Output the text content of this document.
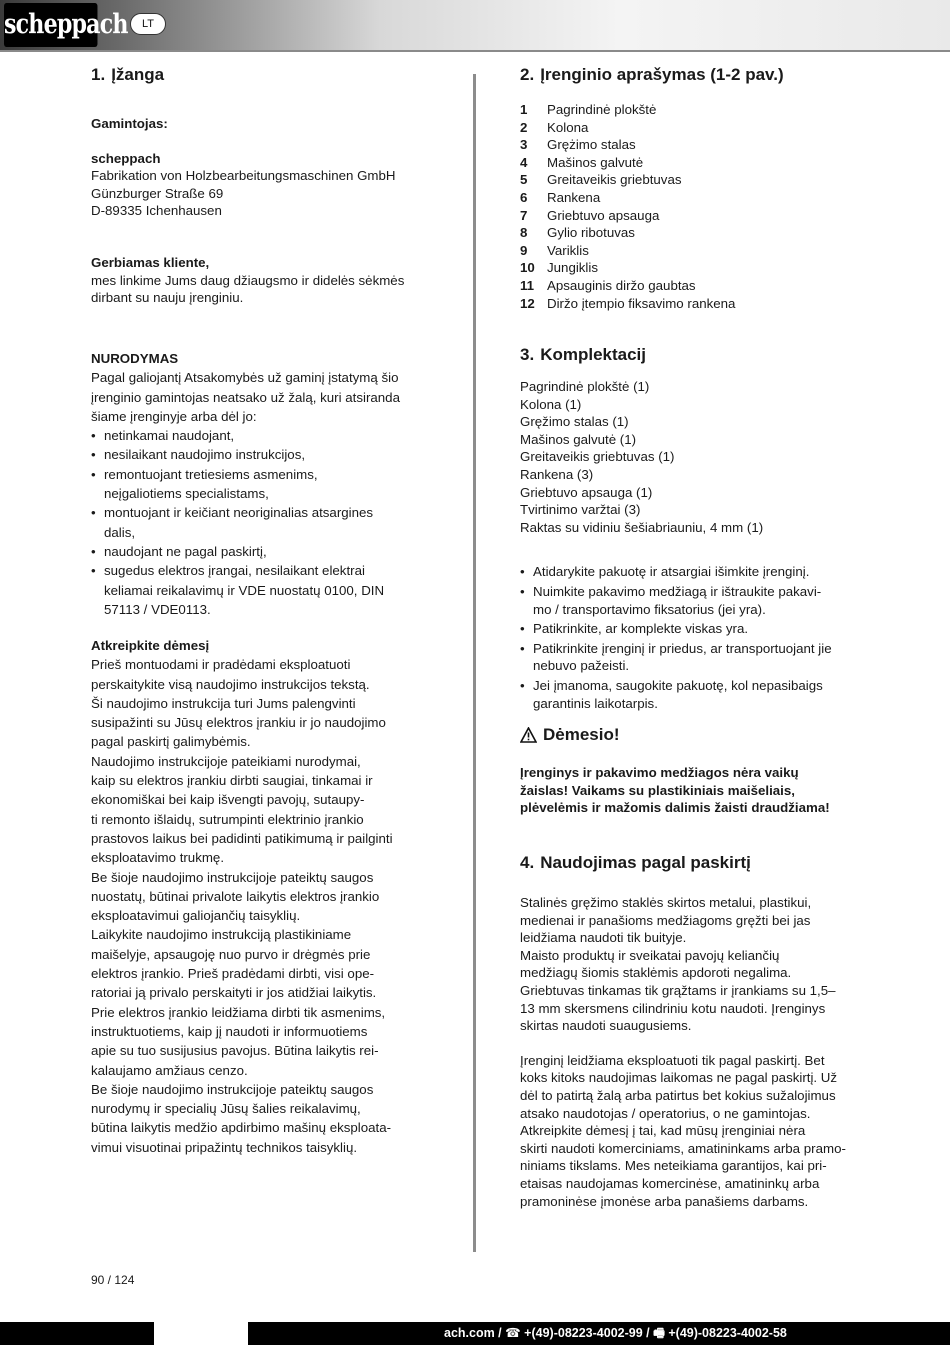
scheppach	LT
1. Įžanga

Gamintojas:

scheppach

Fabrikation von Holzbearbeitungsmaschinen GmbH
Günzburger Straße 69
D-89335 Ichenhausen

Gerbiamas kliente,

mes linkime Jums daug džiaugsmo ir didelės sėkmės
dirbant su nauju įrenginiu.

NURODYMAS

Pagal galiojantį Atsakomybės už gaminį įstatymą šio
įrenginio gamintojas neatsako už žalą, kuri atsiranda
šiame įrenginyje arba dėl jo:
• netinkamai naudojant,
• nesilaikant naudojimo instrukcijos,
• remontuojant tretiesiems asmenims,
neįgaliotiems specialistams,
• montuojant ir keičiant neoriginalias atsargines
dalis,
• naudojant ne pagal paskirtį,
• sugedus elektros įrangai, nesilaikant elektrai
keliamai reikalavimų ir VDE nuostatų 0100, DIN
57113 / VDE0113.

Atkreipkite dėmesį

Prieš montuodami ir pradėdami eksploatuoti
perskaitykite visą naudojimo instrukcijos tekstą.
Ši naudojimo instrukcija turi Jums palengvinti
susipažinti su Jūsų elektros įrankiu ir jo naudojimo
pagal paskirtį galimybėmis.
Naudojimo instrukcijoje pateikiami nurodymai,
kaip su elektros įrankiu dirbti saugiai, tinkamai ir
ekonomiškai bei kaip išvengti pavojų, sutaupy-
ti remonto išlaidų, sutrumpinti elektrinio įrankio
prastovos laikus bei padidinti patikimumą ir pailginti
eksploatavimo trukmę.
Be šioje naudojimo instrukcijoje pateiktų saugos
nuostatų, būtinai privalote laikytis elektros įrankio
eksploatavimui galiojančių taisyklių.
Laikykite naudojimo instrukciją plastikiniame
maišelyje, apsaugoję nuo purvo ir drėgmės prie
elektros įrankio. Prieš pradėdami dirbti, visi ope-
ratoriai ją privalo perskaityti ir jos atidžiai laikytis.
Prie elektros įrankio leidžiama dirbti tik asmenims,
instruktuotiems, kaip jį naudoti ir informuotiems
apie su tuo susijusius pavojus. Būtina laikytis rei-
kalaujamo amžiaus cenzo.
Be šioje naudojimo instrukcijoje pateiktų saugos
nurodymų ir specialių Jūsų šalies reikalavimų,
būtina laikytis medžio apdirbimo mašinų eksploata-
vimui visuotinai pripažintų technikos taisyklių.
2. Įrenginio aprašymas (1-2 pav.)
1	Pagrindinė plokštė
2	Kolona
3	Grężimo stalas
4	Mašinos galvutė
5	Greitaveikis griebtuvas
6	Rankena
7	Griebtuvo apsauga
8	Gylio ribotuvas
9	Variklis
10 Jungiklis
11 Apsauginis diržo gaubtas
12 Diržo įtempio fiksavimo rankena
3. Komplektacij
Pagrindinė plokštė (1)
Kolona (1)
Gręžimo stalas (1)
Mašinos galvutė (1)
Greitaveikis griebtuvas (1)
Rankena (3)
Griebtuvo apsauga (1)
Tvirtinimo varžtai (3)
Raktas su vidiniu šešiabriauniu, 4 mm (1)
• Atidarykite pakuotę ir atsargiai išimkite įrenginį.
• Nuimkite pakavimo medžiagą ir ištraukite pakavi-
mo / transportavimo fiksatorius (jei yra).
• Patikrinkite, ar komplekte viskas yra.
• Patikrinkite įrenginį ir priedus, ar transportuojant jie
nebuvo pažeisti.
• Jei įmanoma, saugokite pakuotę, kol nepasibaigs
garantinis laikotarpis.
Dėmesio!
Įrenginys ir pakavimo medžiagos nėra vaikų
žaislas! Vaikams su plastikiniais maišeliais,
plėvelėmis ir mažomis dalimis žaisti draudžiama!
4. Naudojimas pagal paskirtį
Stalinės gręžimo staklės skirtos metalui, plastikui,
medienai ir panašioms medžiagoms gręžti bei jas
leidžiama naudoti tik buityje.
Maisto produktų ir sveikatai pavojų keliančių
medžiagų šiomis staklėmis apdoroti negalima.
Griebtuvas tinkamas tik grąžtams ir įrankiams su 1,5–
13 mm skersmens cilindriniu kotu naudoti. Įrenginys
skirtas naudoti suaugusiems.
Įrenginį leidžiama eksploatuoti tik pagal paskirtį. Bet
koks kitoks naudojimas laikomas ne pagal paskirtį. Už
dėl to patirtą žalą arba patirtus bet kokius sužalojimus
atsako naudotojas / operatorius, o ne gamintojas.
Atkreipkite dėmesį į tai, kad mūsų įrenginiai nėra
skirti naudoti komerciniams, amatininkams arba pramo-
niniams tikslams. Mes neteikiama garantijos, kai pri-
etaisas naudojamas komercinėse, amatininkų arba
pramoninėse įmonėse arba panašiems darbams.
90 / 124
ach.com / ☎ +(49)-08223-4002-99 / 🖷 +(49)-08223-4002-58
